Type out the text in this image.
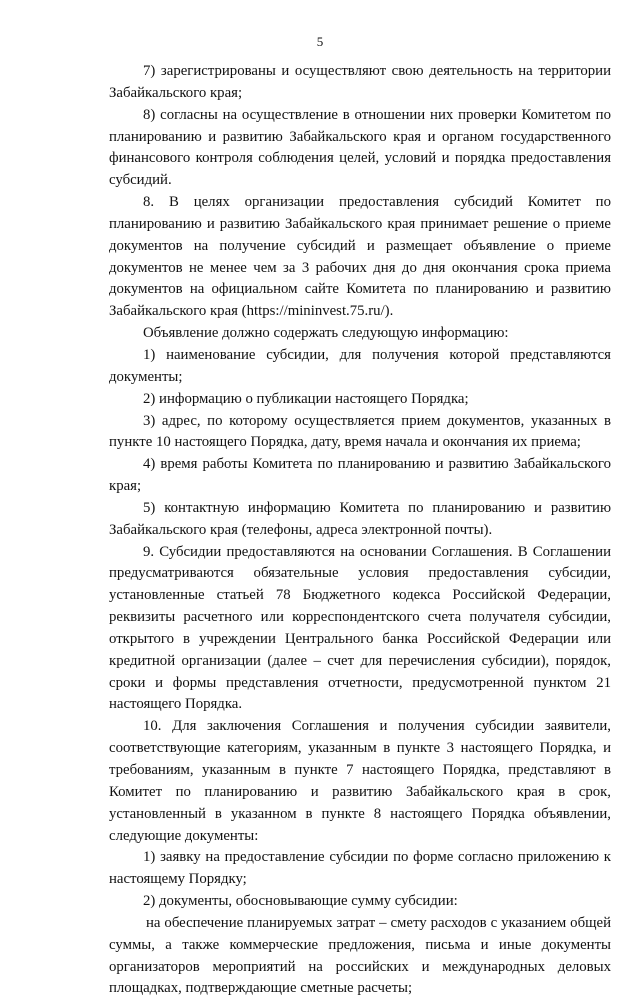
5

7) зарегистрированы и осуществляют свою деятельность на территории Забайкальского края;

8) согласны на осуществление в отношении них проверки Комитетом по планированию и развитию Забайкальского края и органом государственного финансового контроля соблюдения целей, условий и порядка предоставления субсидий.

8. В целях организации предоставления субсидий Комитет по планированию и развитию Забайкальского края принимает решение о приеме документов на получение субсидий и размещает объявление о приеме документов не менее чем за 3 рабочих дня до дня окончания срока приема документов на официальном сайте Комитета по планированию и развитию Забайкальского края (https://mininvest.75.ru/).

Объявление должно содержать следующую информацию:

1) наименование субсидии, для получения которой представляются документы;

2) информацию о публикации настоящего Порядка;

3) адрес, по которому осуществляется прием документов, указанных в пункте 10 настоящего Порядка, дату, время начала и окончания их приема;

4) время работы Комитета по планированию и развитию Забайкальского края;

5) контактную информацию Комитета по планированию и развитию Забайкальского края (телефоны, адреса электронной почты).

9. Субсидии предоставляются на основании Соглашения. В Соглашении предусматриваются обязательные условия предоставления субсидии, установленные статьей 78 Бюджетного кодекса Российской Федерации, реквизиты расчетного или корреспондентского счета получателя субсидии, открытого в учреждении Центрального банка Российской Федерации или кредитной организации (далее – счет для перечисления субсидии), порядок, сроки и формы представления отчетности, предусмотренной пунктом 21 настоящего Порядка.

10. Для заключения Соглашения и получения субсидии заявители, соответствующие категориям, указанным в пункте 3 настоящего Порядка, и требованиям, указанным в пункте 7 настоящего Порядка, представляют в Комитет по планированию и развитию Забайкальского края в срок, установленный в указанном в пункте 8 настоящего Порядка объявлении, следующие документы:

1) заявку на предоставление субсидии по форме согласно приложению к настоящему Порядку;

2) документы, обосновывающие сумму субсидии:

на обеспечение планируемых затрат – смету расходов с указанием общей суммы, а также коммерческие предложения, письма и иные документы организаторов мероприятий на российских и международных деловых площадках, подтверждающие сметные расчеты;
